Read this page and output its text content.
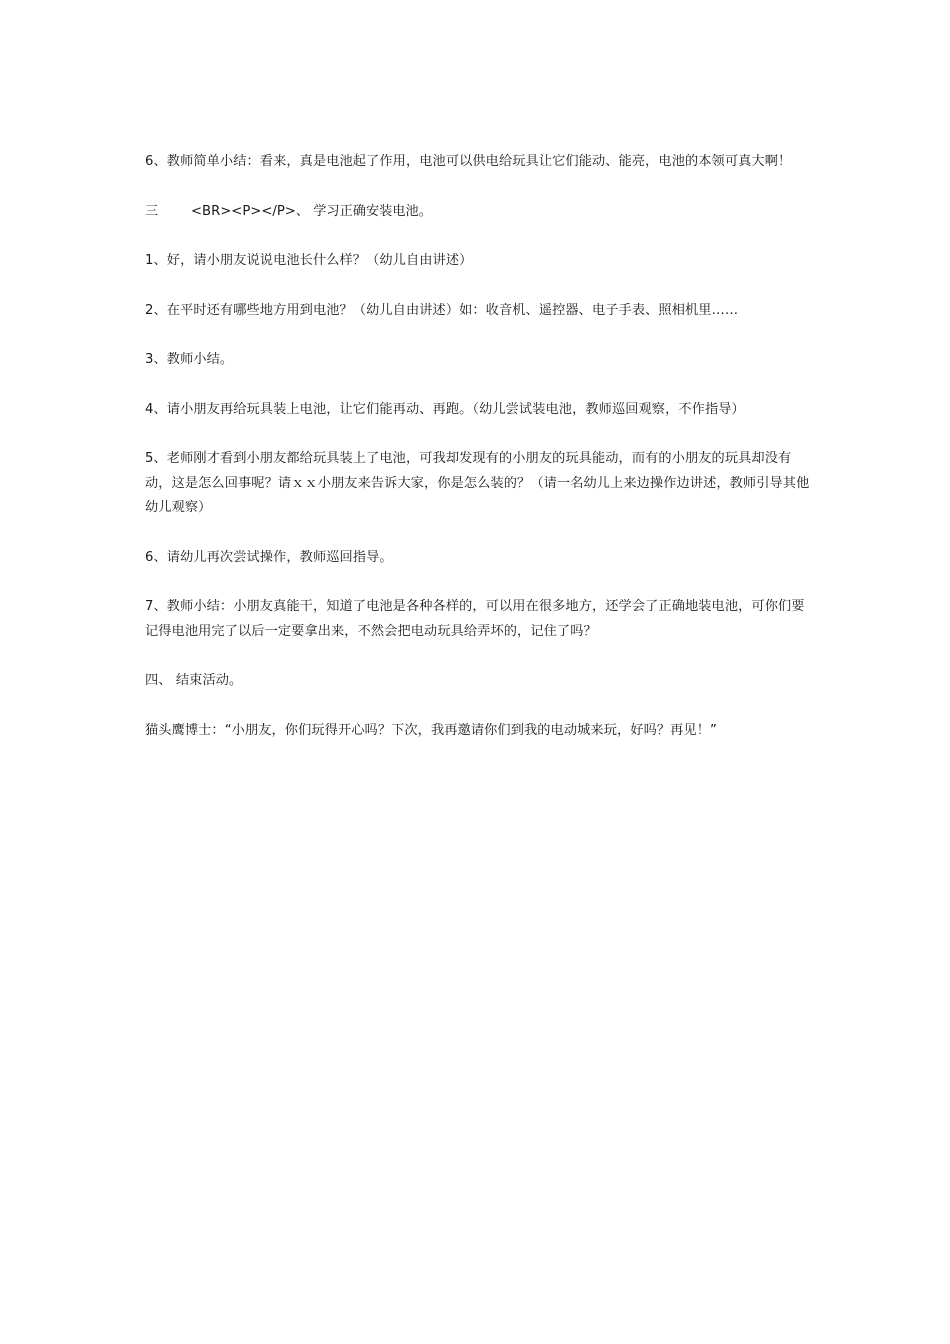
6、教师简单小结：看来，真是电池起了作用，电池可以供电给玩具让它们能动、能亮，电池的本领可真大啊！

三 <BR><P></P>、 学习正确安装电池。

1、好，请小朋友说说电池长什么样？（幼儿自由讲述）

2、在平时还有哪些地方用到电池？（幼儿自由讲述）如：收音机、遥控器、电子手表、照相机里……

3、教师小结。

4、请小朋友再给玩具装上电池，让它们能再动、再跑。（幼儿尝试装电池，教师巡回观察，不作指导）

5、老师刚才看到小朋友都给玩具装上了电池，可我却发现有的小朋友的玩具能动，而有的小朋友的玩具却没有动，这是怎么回事呢？请ｘｘ小朋友来告诉大家，你是怎么装的？（请一名幼儿上来边操作边讲述，教师引导其他幼儿观察）

6、请幼儿再次尝试操作，教师巡回指导。

7、教师小结：小朋友真能干，知道了电池是各种各样的，可以用在很多地方，还学会了正确地装电池，可你们要记得电池用完了以后一定要拿出来，不然会把电动玩具给弄坏的，记住了吗？

四、 结束活动。

猫头鹰博士：“小朋友，你们玩得开心吗？下次，我再邀请你们到我的电动城来玩，好吗？再见！”
